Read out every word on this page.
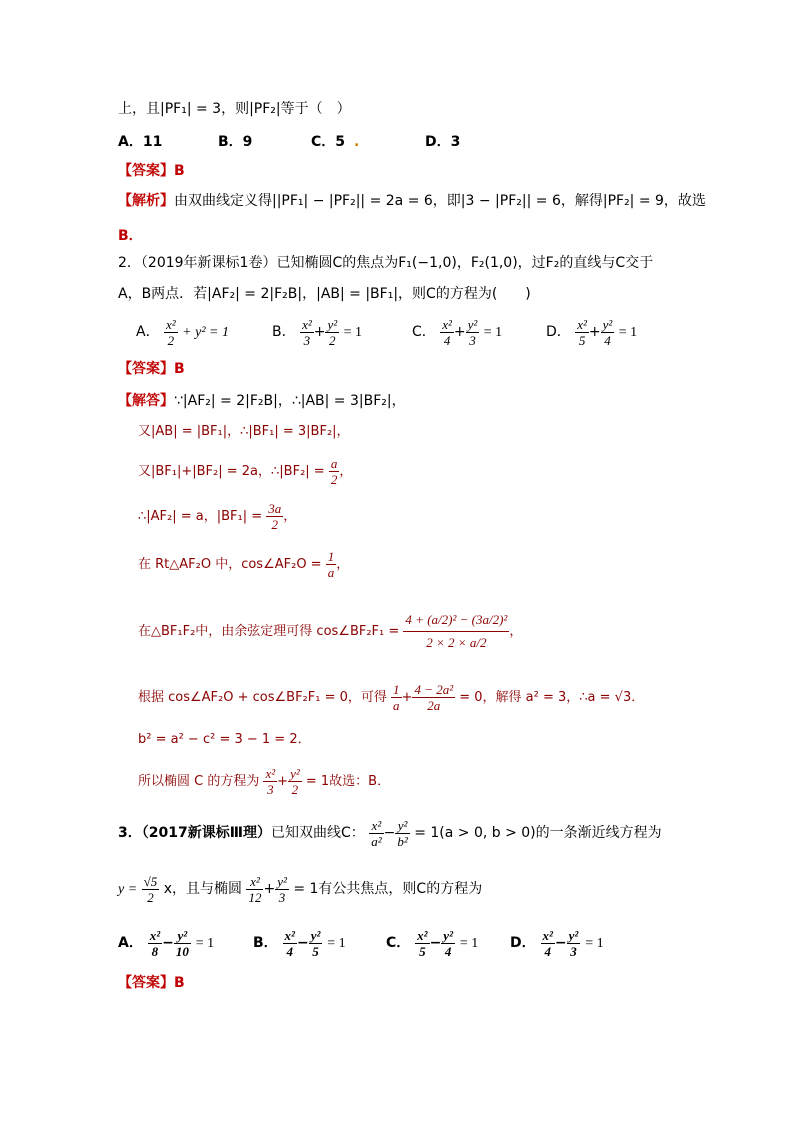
上，且|PF₁| = 3，则|PF₂|等于（　）
A．11	B．9	C．5 .	D．3
【答案】B
【解析】由双曲线定义得||PF₁| − |PF₂|| = 2a = 6，即|3 − |PF₂|| = 6，解得|PF₂| = 9，故选
B．
2．（2019年新课标1卷）已知椭圆C的焦点为F₁(−1,0)，F₂(1,0)，过F₂的直线与C交于
A，B两点．若|AF₂| = 2|F₂B|，|AB| = |BF₁|，则C的方程为(　　)
A． $\frac{\text{x²}}{2} + y^2 = 1$	B． $\frac{\text{x²}}{3} + \frac{\text{y²}}{2} = 1$	C． $\frac{\text{x²}}{4} + \frac{\text{y²}}{3} = 1$	D． $\frac{\text{x²}}{5} + \frac{\text{y²}}{4} = 1$
【答案】B
【解答】∵|AF₂| = 2|F₂B|，∴|AB| = 3|BF₂|，
又|AB| = |BF₁|，∴|BF₁| = 3|BF₂|，
又|BF₁|+|BF₂| = 2a，∴|BF₂| = $\frac{a}{2}$ ，
∴|AF₂| = a，$|BF_1| = \frac{3a}{2}$ ，
在 Rt△AF₂O 中，cos∠AF₂O = $\frac{1}{a}$ ，
在△BF₁F₂中，由余弦定理可得 cos∠BF₂F₁ = $\frac{\text{4 + (a/2)² − (3a/2)²}}{2 \times 2 \times a/2}$ ，
根据 cos∠AF₂O + cos∠BF₂F₁ = 0，可得 $\frac{1}{a} + \frac{\text{4 − 2a²}}{2a} = 0$，解得 a² = 3，∴a = √3．
b² = a² − c² = 3 − 1 = 2．
所以椭圆 C 的方程为 $\frac{\text{x²}}{3} + \frac{\text{y²}}{2} = 1$故选：B．
3．（2017新课标Ⅲ理）已知双曲线C： $\frac{\text{x²}}{\text{a²}} - \frac{\text{y²}}{\text{b²}} = 1(a > 0$, b > 0)的一条渐近线方程为
$y = \frac{√5}{2}$ x，且与椭圆 $\frac{\text{x²}}{12} + \frac{\text{y²}}{3} = 1$有公共焦点，则C的方程为
A． $\frac{\text{x²}}{8} - \frac{\text{y²}}{10} = 1$	B． $\frac{\text{x²}}{4} - \frac{\text{y²}}{5} = 1$	C． $\frac{\text{x²}}{5} - \frac{\text{y²}}{4} = 1$ D． $\frac{\text{x²}}{4} - \frac{\text{y²}}{3} = 1$
【答案】B
